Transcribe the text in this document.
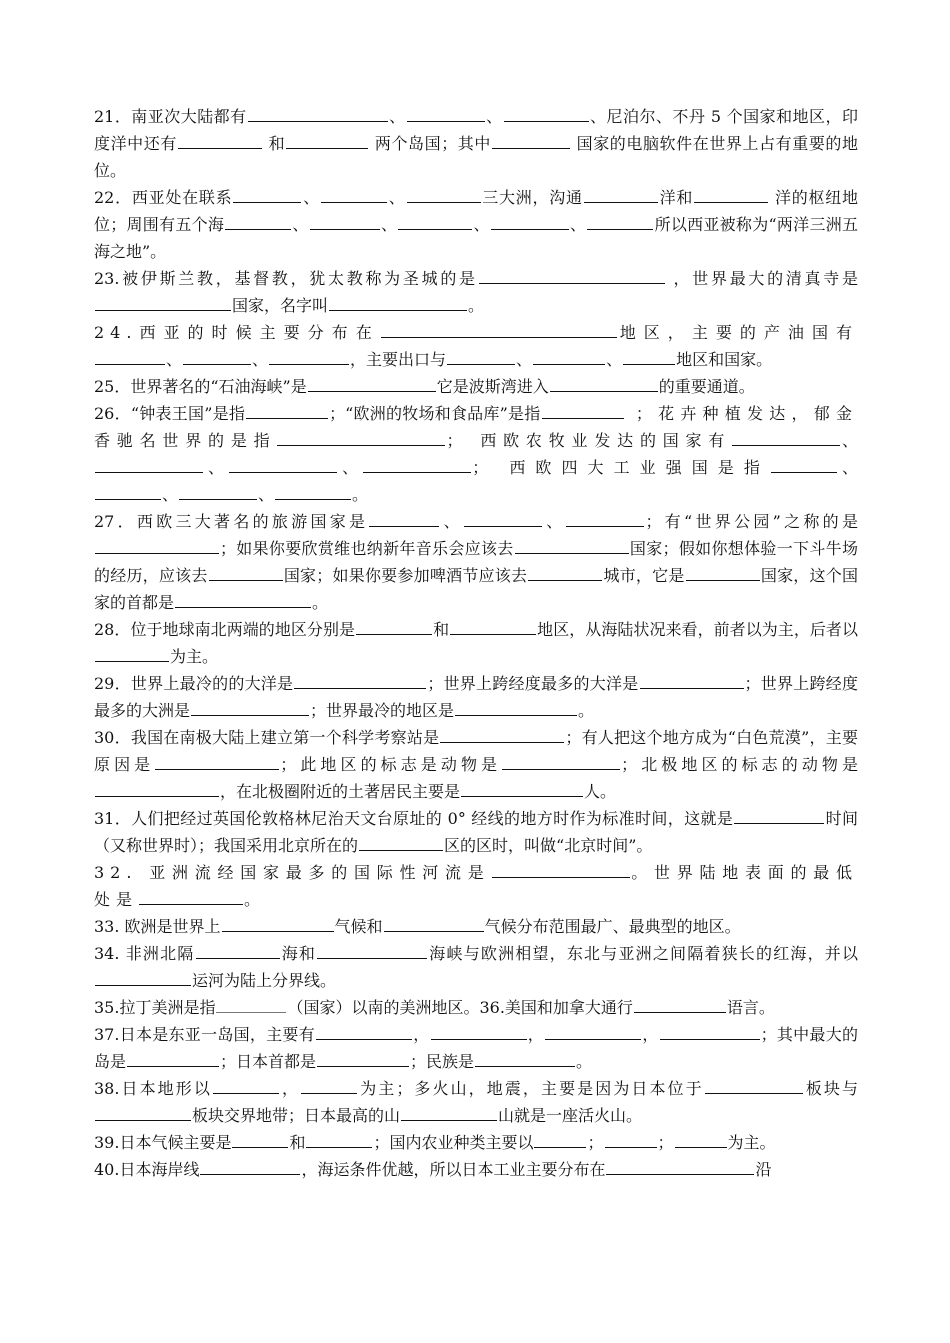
21．南亚次大陆都有	、	、	、尼泊尔、不丹 5 个国家和地区，印度洋中还有	和	两个岛国；其中	国家的电脑软件在世界上占有重要的地位。

22．西亚处在联系	、	、	三大洲，沟通	洋和	洋的枢纽地位；周围有五个海	、	、	、	、	所以西亚被称为“两洋三洲五海之地”。

23.被伊斯兰教，基督教，犹太教称为圣城的是	，世界最大的清真寺是国家，名字叫	。

24.西亚的时候主要分布在	地区，主要的产油国有、	、	，主要出口与	、	、	地区和国家。

25．世界著名的“石油海峡”是	它是波斯湾进入	的重要通道。

26．“钟表王国”是指	；“欧洲的牧场和食品库”是指	；花卉种植发达，郁金香驰名世界的是指	； 西欧农牧业发达的国家有	、、	、	； 西欧四大工业强国是指	、、	、	。

27．西欧三大著名的旅游国家是	、	、	；有“世界公园”之称的是；如果你要欣赏维也纳新年音乐会应该去	国家；假如你想体验一下斗牛场的经历，应该去	国家；如果你要参加啤酒节应该去	城市，它是	国家，这个国家的首都是	。

28．位于地球南北两端的地区分别是	和	地区，从海陆状况来看，前者以为主，后者以为主。

29．世界上最冷的的大洋是	；世界上跨经度最多的大洋是	；世界上跨经度最多的大洲是	；世界最冷的地区是	。

30．我国在南极大陆上建立第一个科学考察站是	；有人把这个地方成为“白色荒漠”，主要原因是	；此地区的标志是动物是	；北极地区的标志的动物是，在北极圈附近的土著居民主要是	人。

31．人们把经过英国伦敦格林尼治天文台原址的 0° 经线的地方时作为标准时间，这就是	时间（又称世界时）；我国采用北京所在的	区的区时，叫做“北京时间”。

32. 亚洲流经国家最多的国际性河流是	。世界陆地表面的最低处是	。

33. 欧洲是世界上	气候和	气候分布范围最广、最典型的地区。

34. 非洲北隔	海和	海峡与欧洲相望，东北与亚洲之间隔着狭长的红海，并以运河为陆上分界线。

35.拉丁美洲是指	（国家）以南的美洲地区。36.美国和加拿大通行	语言。

37.日本是东亚一岛国，主要有	，	，	，	；其中最大的岛是	；日本首都是	；民族是	。

38.日本地形以	，	为主；多火山，地震，主要是因为日本位于	板块与板块交界地带；日本最高的山	山就是一座活火山。

39.日本气候主要是	和	；国内农业种类主要以	；	；	为主。

40.日本海岸线	，海运条件优越，所以日本工业主要分布在	沿
